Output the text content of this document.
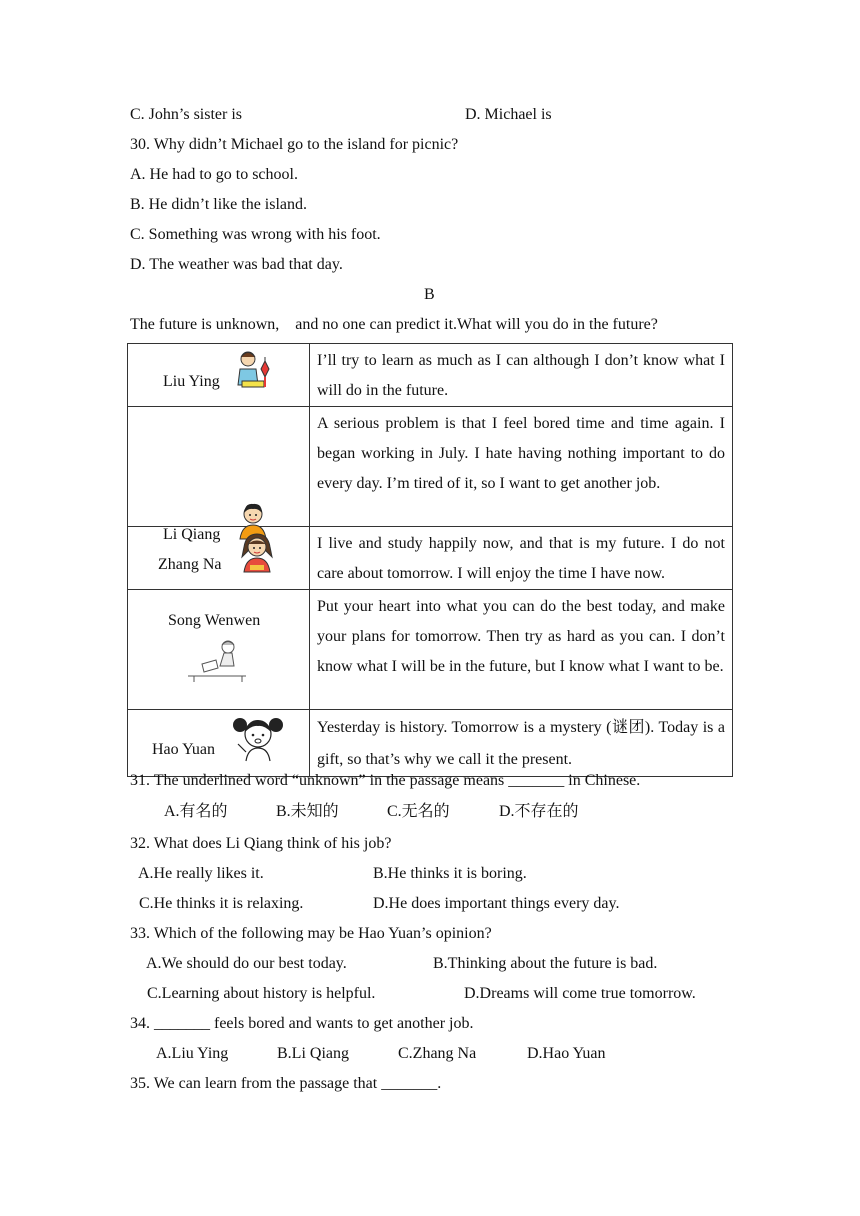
C. John’s sister is	D. Michael is
30. Why didn’t Michael go to the island for picnic?
A. He had to go to school.
B. He didn’t like the island.
C. Something was wrong with his foot.
D. The weather was bad that day.
B
The future is unknown,    and no one can predict it.What will you do in the future?
Liu Ying	I’ll try to learn as much as I can although I don’t know what I will do in the future.

Li Qiang	A serious problem is that I feel bored time and time again. I began working in July. I hate having nothing important to do every day. I’m tired of it, so I want to get another job.

Zhang Na	I live and study happily now, and that is my future. I do not care about tomorrow. I will enjoy the time I have now.

Song Wenwen	Put your heart into what you can do the best today, and make your plans for tomorrow. Then try as hard as you can. I don’t know what I will be in the future, but I know what I want to be.

Hao Yuan	Yesterday is history. Tomorrow is a mystery (谜团). Today is a gift, so that’s why we call it the present.
31. The underlined word “unknown” in the passage means _______ in Chinese.
A.有名的	B.未知的	C.无名的	D.不存在的
32. What does Li Qiang think of his job?
A.He really likes it.	B.He thinks it is boring.
C.He thinks it is relaxing.	D.He does important things every day.
33. Which of the following may be Hao Yuan’s opinion?
A.We should do our best today.	B.Thinking about the future is bad.
C.Learning about history is helpful.	D.Dreams will come true tomorrow.
34. _______ feels bored and wants to get another job.
A.Liu Ying	B.Li Qiang	C.Zhang Na	D.Hao Yuan
35. We can learn from the passage that _______.
